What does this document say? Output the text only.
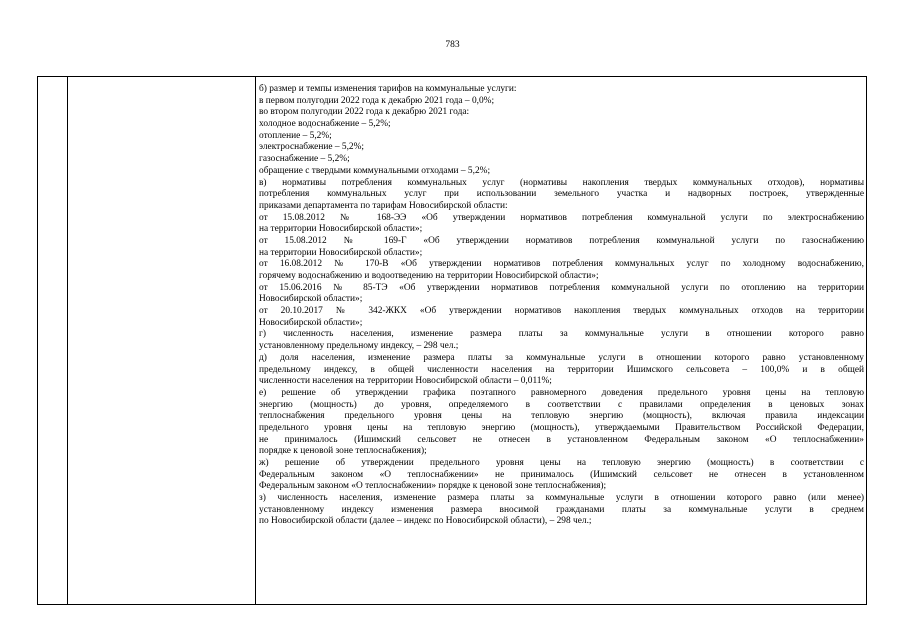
783
б) размер и темпы изменения тарифов на коммунальные услуги:
в первом полугодии 2022 года к декабрю 2021 года – 0,0%;
во втором полугодии 2022 года к декабрю 2021 года:
холодное водоснабжение – 5,2%;
отопление – 5,2%;
электроснабжение – 5,2%;
газоснабжение – 5,2%;
обращение с твердыми коммунальными отходами – 5,2%;
в) нормативы потребления коммунальных услуг (нормативы накопления твердых коммунальных отходов), нормативы
потребления коммунальных услуг при использовании земельного участка и надворных построек, утвержденные
приказами департамента по тарифам Новосибирской области:
от 15.08.2012 № 168-ЭЭ «Об утверждении нормативов потребления коммунальной услуги по электроснабжению
на территории Новосибирской области»;
от 15.08.2012 № 169-Г «Об утверждении нормативов потребления коммунальной услуги по газоснабжению
на территории Новосибирской области»;
от 16.08.2012 № 170-В «Об утверждении нормативов потребления коммунальных услуг по холодному водоснабжению,
горячему водоснабжению и водоотведению на территории Новосибирской области»;
от 15.06.2016 № 85-ТЭ «Об утверждении нормативов потребления коммунальной услуги по отоплению на территории
Новосибирской области»;
от 20.10.2017 № 342-ЖКХ «Об утверждении нормативов накопления твердых коммунальных отходов на территории
Новосибирской области»;
г) численность населения, изменение размера платы за коммунальные услуги в отношении которого равно
установленному предельному индексу, – 298 чел.;
д) доля населения, изменение размера платы за коммунальные услуги в отношении которого равно установленному
предельному индексу, в общей численности населения на территории Ишимского сельсовета – 100,0% и в общей
численности населения на территории Новосибирской области – 0,011%;
е) решение об утверждении графика поэтапного равномерного доведения предельного уровня цены на тепловую
энергию (мощность) до уровня, определяемого в соответствии с правилами определения в ценовых зонах
теплоснабжения предельного уровня цены на тепловую энергию (мощность), включая правила индексации
предельного уровня цены на тепловую энергию (мощность), утверждаемыми Правительством Российской Федерации,
не принималось (Ишимский сельсовет не отнесен в установленном Федеральным законом «О теплоснабжении»
порядке к ценовой зоне теплоснабжения);
ж) решение об утверждении предельного уровня цены на тепловую энергию (мощность) в соответствии с
Федеральным законом «О теплоснабжении» не принималось (Ишимский сельсовет не отнесен в установленном
Федеральным законом «О теплоснабжении» порядке к ценовой зоне теплоснабжения);
з) численность населения, изменение размера платы за коммунальные услуги в отношении которого равно (или менее)
установленному индексу изменения размера вносимой гражданами платы за коммунальные услуги в среднем
по Новосибирской области (далее – индекс по Новосибирской области), – 298 чел.;
